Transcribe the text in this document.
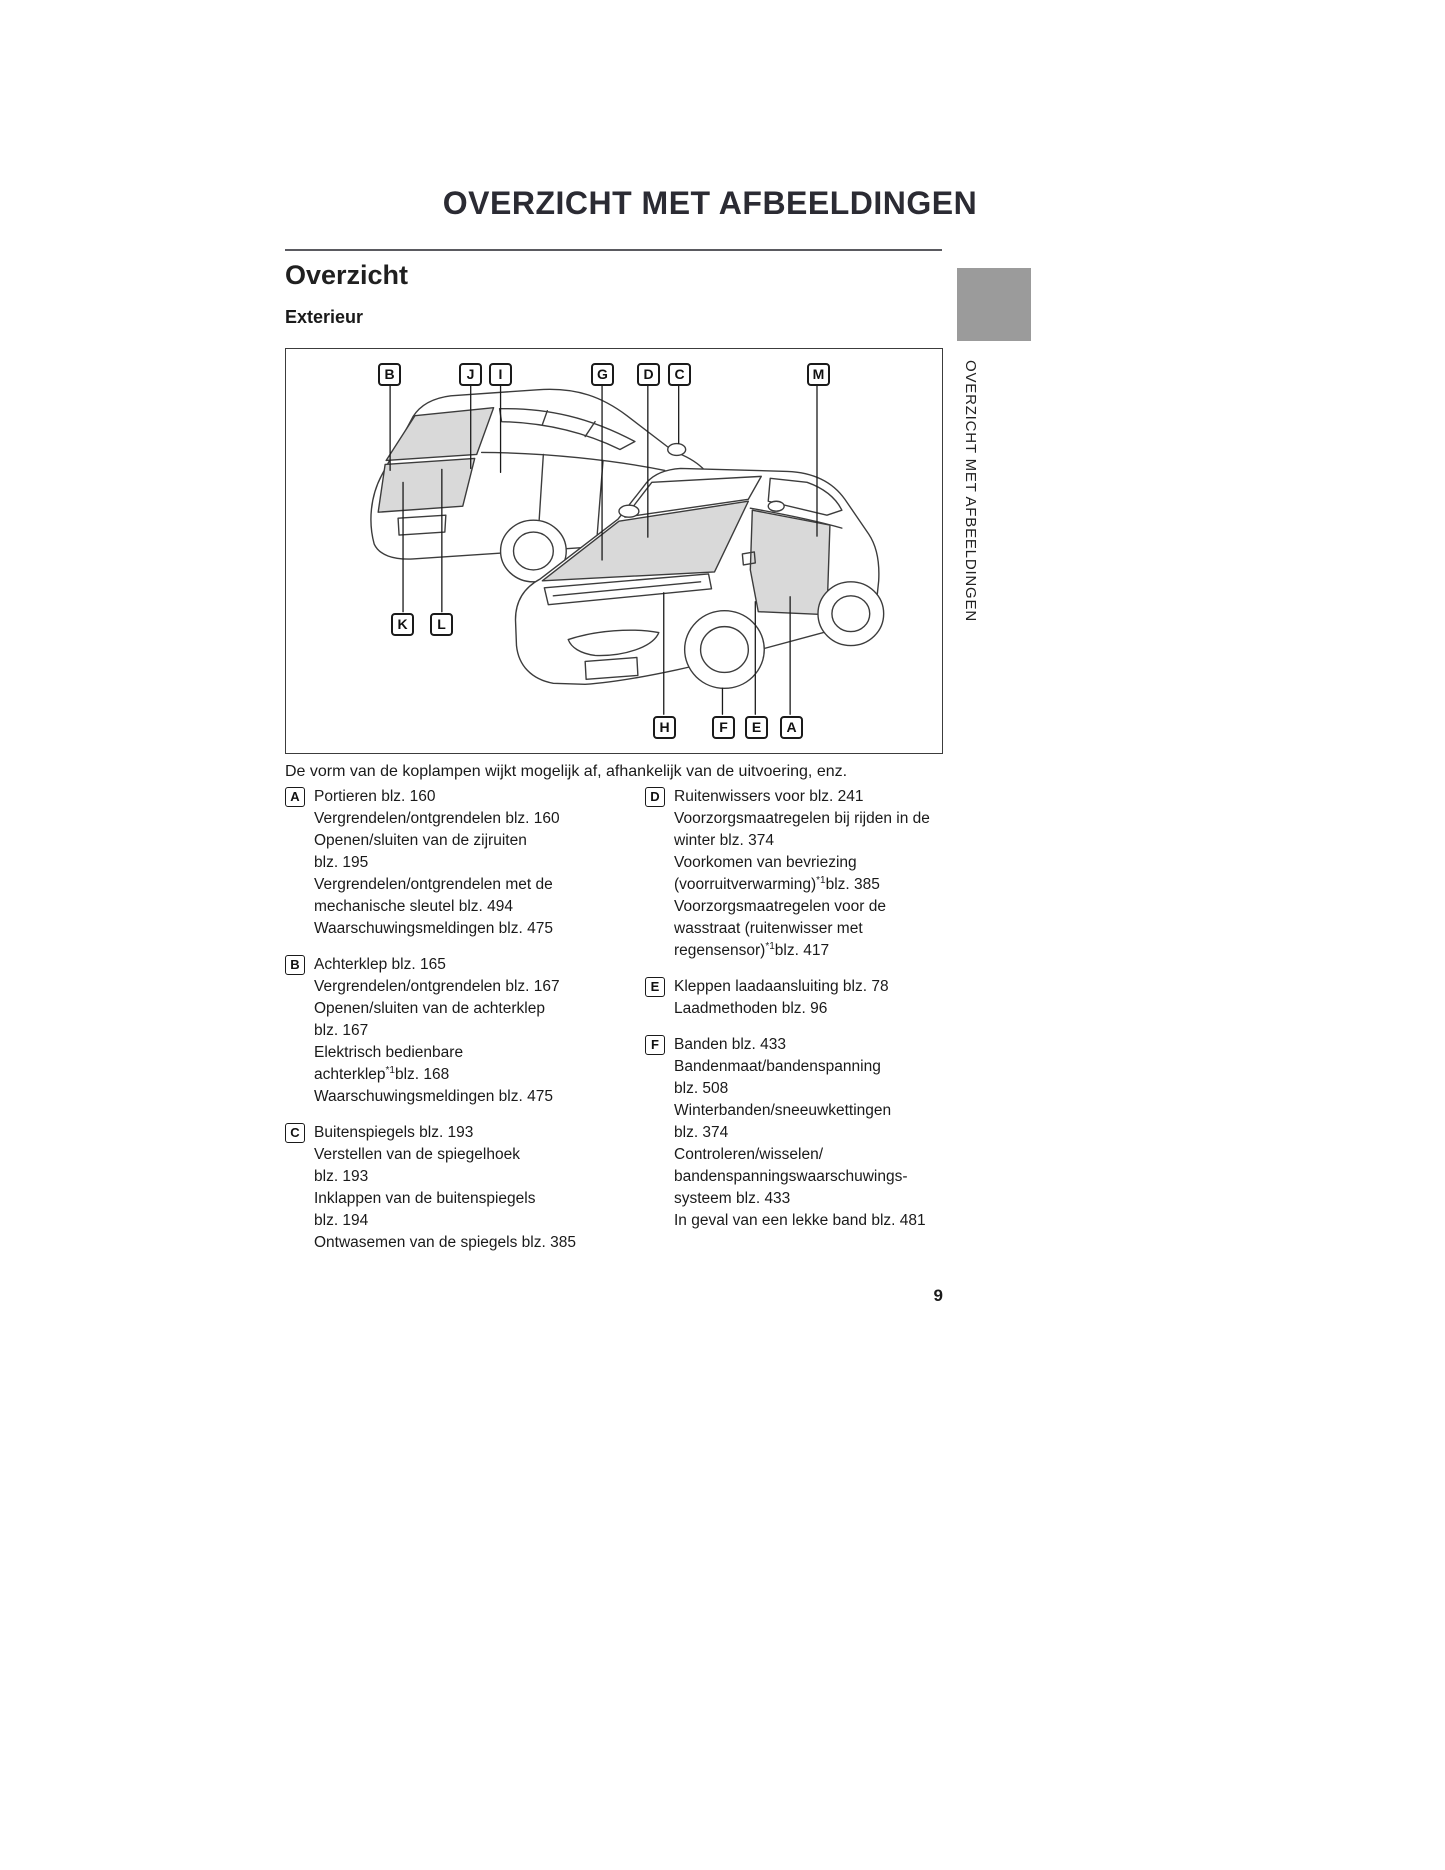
OVERZICHT MET AFBEELDINGEN
Overzicht
Exterieur
OVERZICHT MET AFBEELDINGEN
B	J	I	G	D	C	M
K	L
H	F	E	A
De vorm van de koplampen wijkt mogelijk af, afhankelijk van de uitvoering, enz.
A Portieren blz. 160
Vergrendelen/ontgrendelen blz. 160
Openen/sluiten van de zijruiten
blz. 195
Vergrendelen/ontgrendelen met de
mechanische sleutel blz. 494
Waarschuwingsmeldingen blz. 475
B Achterklep blz. 165
Vergrendelen/ontgrendelen blz. 167
Openen/sluiten van de achterklep
blz. 167
Elektrisch bedienbare
achterklep$^{*1}$blz. 168
Waarschuwingsmeldingen blz. 475
C Buitenspiegels blz. 193
Verstellen van de spiegelhoek
blz. 193
Inklappen van de buitenspiegels
blz. 194
Ontwasemen van de spiegels blz. 385
D Ruitenwissers voor blz. 241
Voorzorgsmaatregelen bij rijden in de
winter blz. 374
Voorkomen van bevriezing
(voorruitverwarming)$^{*1}$blz. 385
Voorzorgsmaatregelen voor de
wasstraat (ruitenwisser met
regensensor)$^{*1}$blz. 417
E Kleppen laadaansluiting blz. 78
Laadmethoden blz. 96
F Banden blz. 433
Bandenmaat/bandenspanning
blz. 508
Winterbanden/sneeuwkettingen
blz. 374
Controleren/wisselen/
bandenspanningswaarschuwings-
systeem blz. 433
In geval van een lekke band blz. 481
9
